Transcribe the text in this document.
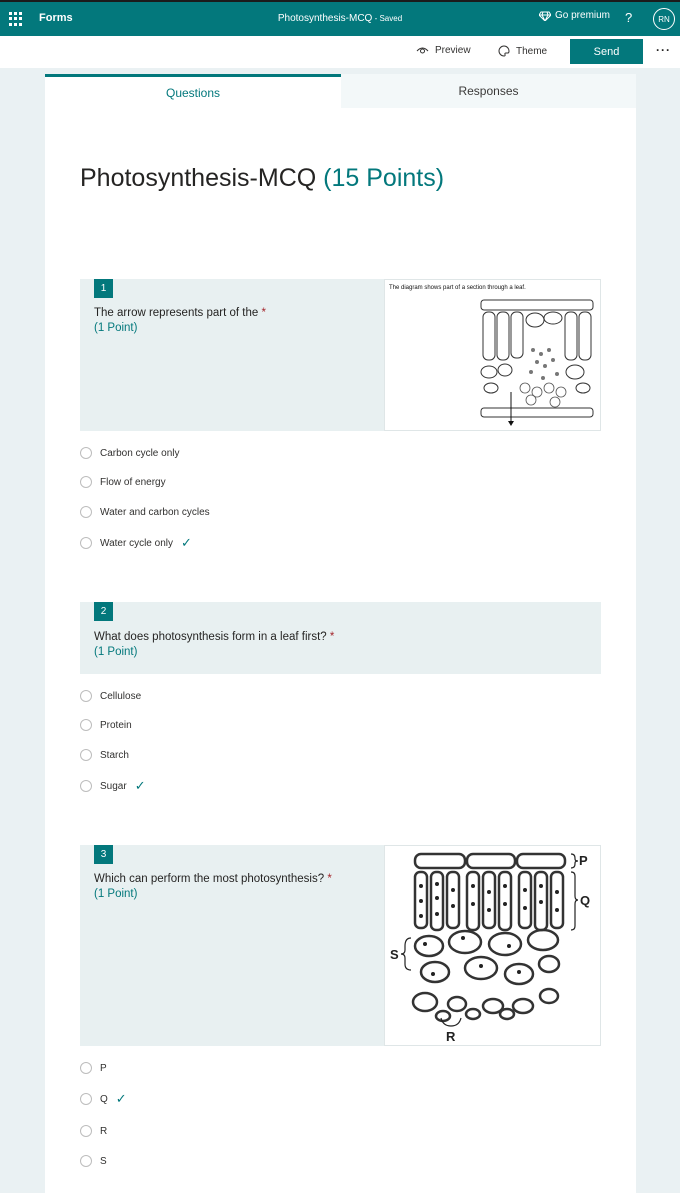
Forms	Photosynthesis-MCQ - Saved	Go premium ?	RN
Preview	Theme	Send	···
Questions	Responses
Photosynthesis-MCQ (15 Points)
1
The arrow represents part of the *
(1 Point)
The diagram shows part of a section through a leaf.
Carbon cycle only
Flow of energy
Water and carbon cycles
Water cycle only ✓
2
What does photosynthesis form in a leaf first? *
(1 Point)
Cellulose
Protein
Starch
Sugar ✓
3
Which can perform the most photosynthesis? *
(1 Point)
P
Q
S
R
P
Q ✓
R
S
